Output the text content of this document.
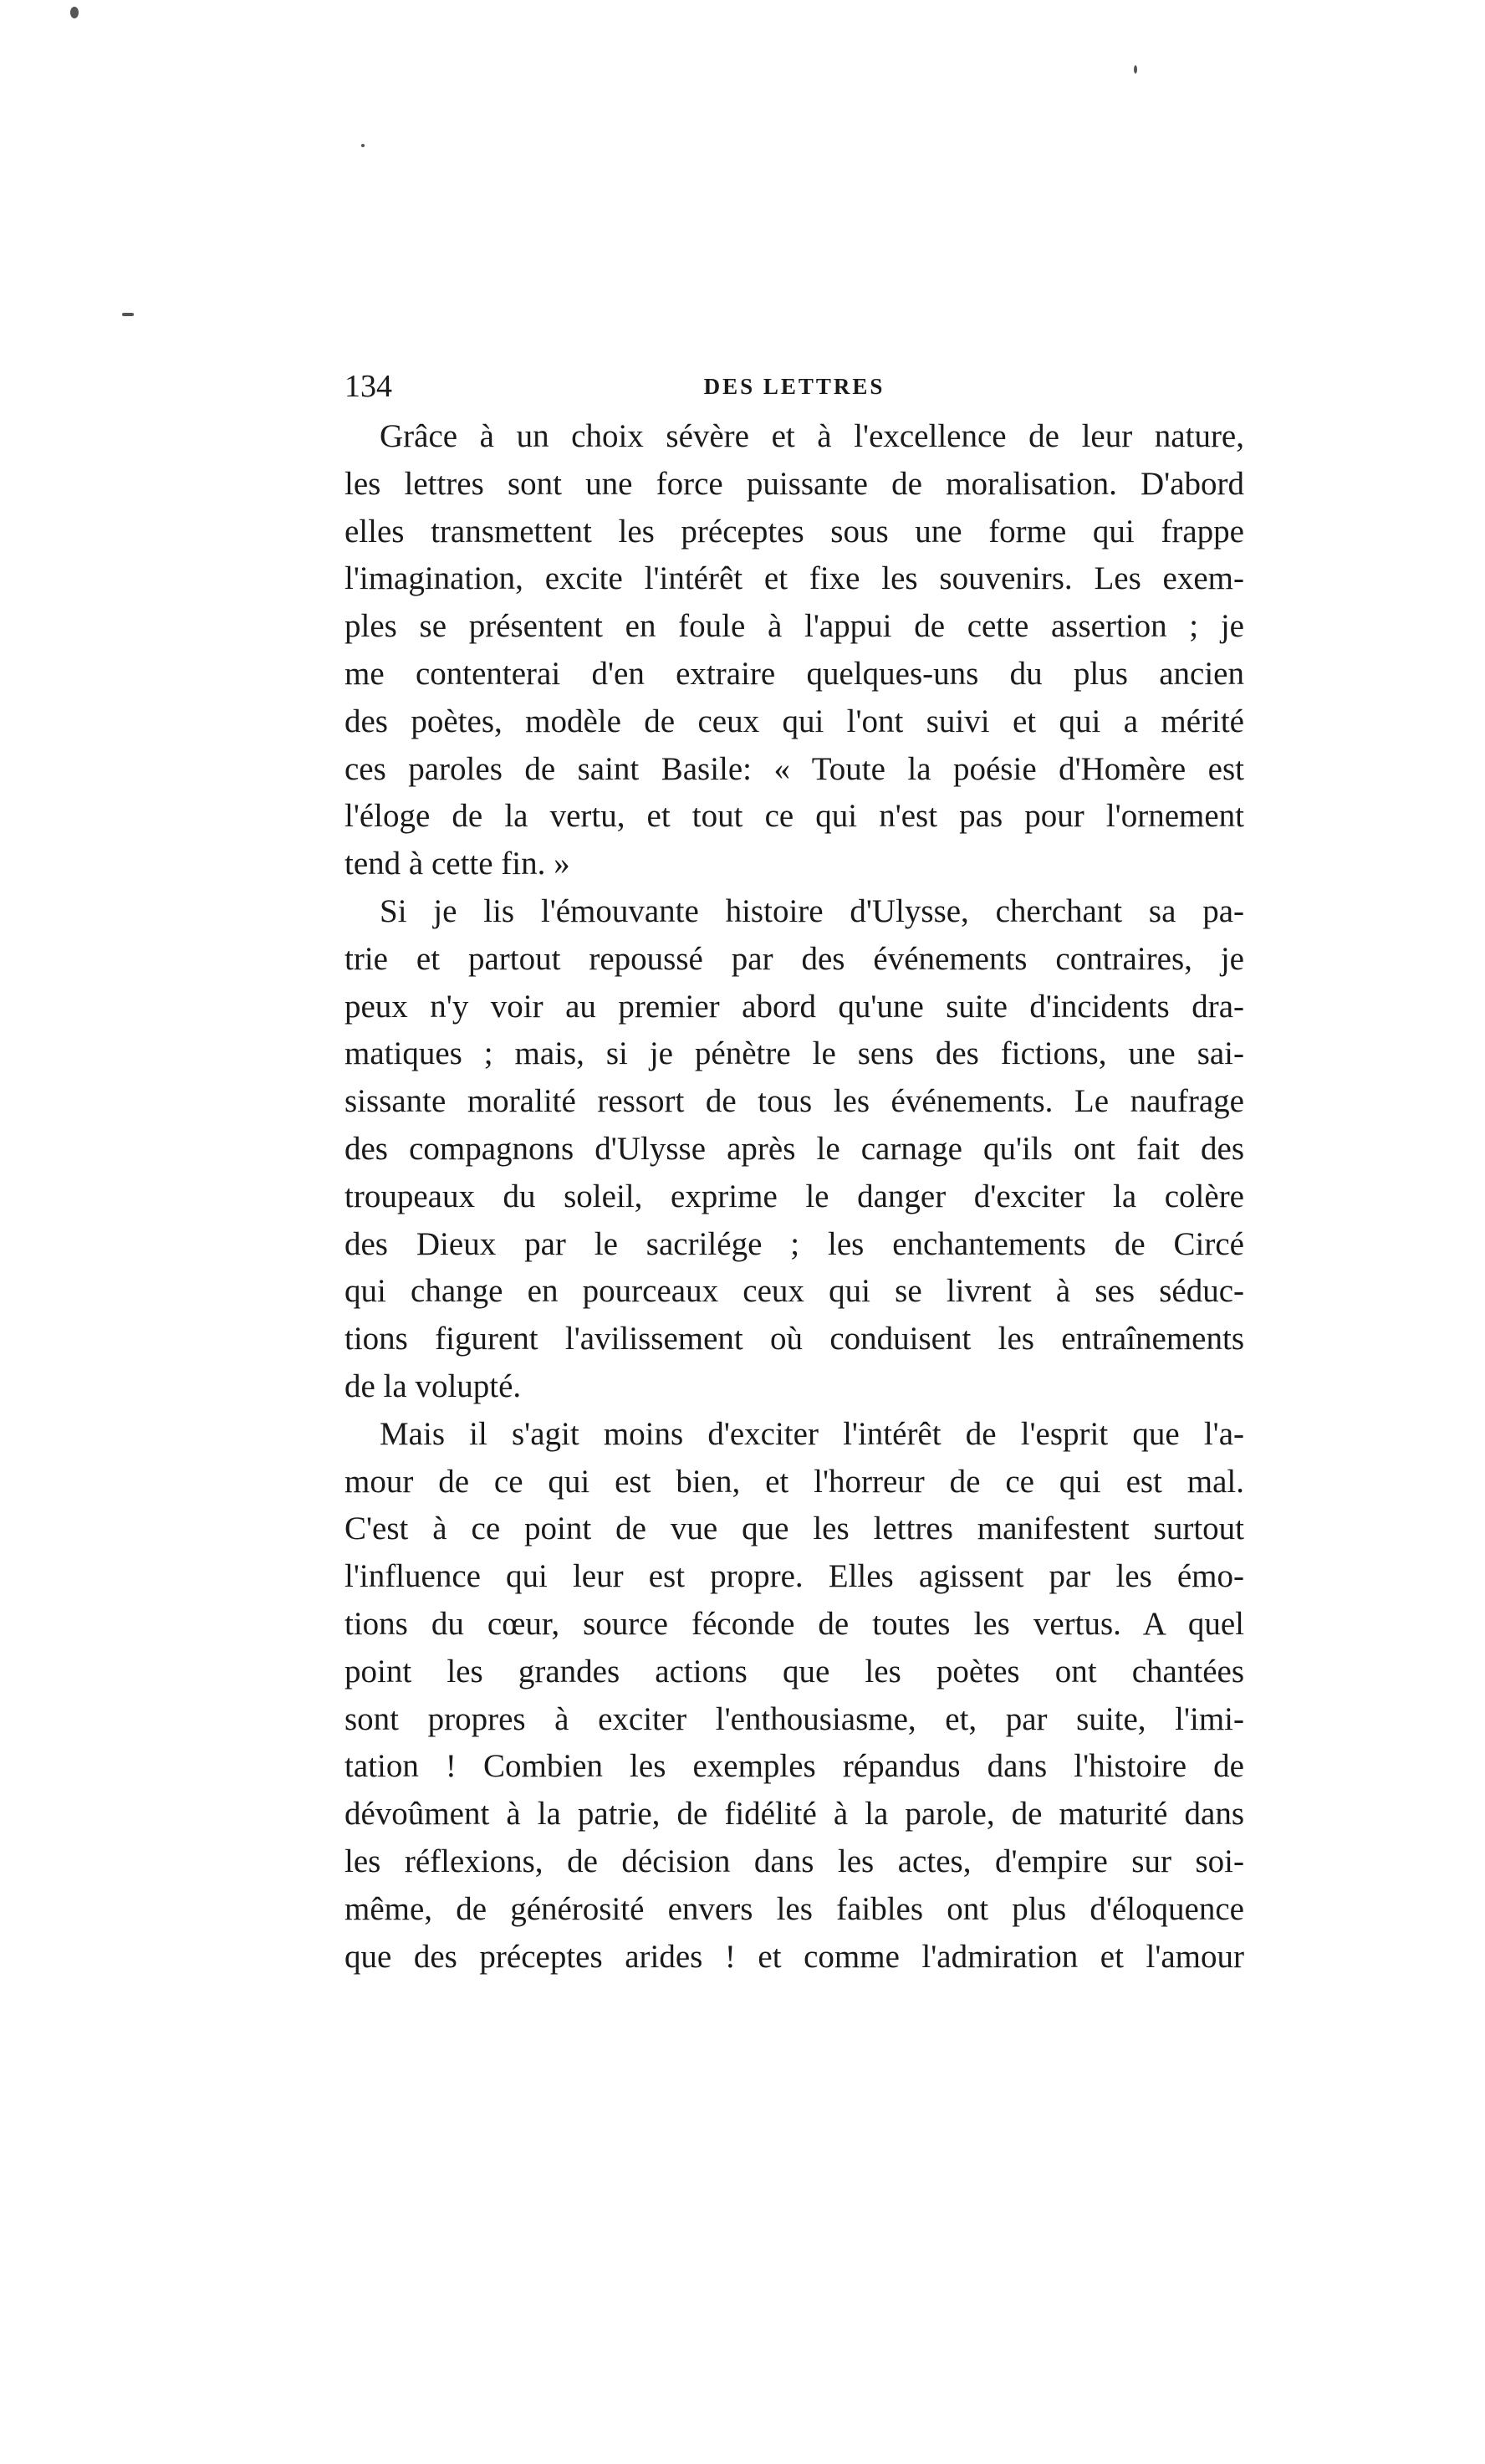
134	DES LETTRES
Grâce à un choix sévère et à l'excellence de leur nature,
les lettres sont une force puissante de moralisation. D'abord
elles transmettent les préceptes sous une forme qui frappe
l'imagination, excite l'intérêt et fixe les souvenirs. Les exem-
ples se présentent en foule à l'appui de cette assertion ; je
me contenterai d'en extraire quelques-uns du plus ancien
des poètes, modèle de ceux qui l'ont suivi et qui a mérité
ces paroles de saint Basile: « Toute la poésie d'Homère est
l'éloge de la vertu, et tout ce qui n'est pas pour l'ornement
tend à cette fin. »
Si je lis l'émouvante histoire d'Ulysse, cherchant sa pa-
trie et partout repoussé par des événements contraires, je
peux n'y voir au premier abord qu'une suite d'incidents dra-
matiques ; mais, si je pénètre le sens des fictions, une sai-
sissante moralité ressort de tous les événements. Le naufrage
des compagnons d'Ulysse après le carnage qu'ils ont fait des
troupeaux du soleil, exprime le danger d'exciter la colère
des Dieux par le sacrilége ; les enchantements de Circé
qui change en pourceaux ceux qui se livrent à ses séduc-
tions figurent l'avilissement où conduisent les entraînements
de la volupté.
Mais il s'agit moins d'exciter l'intérêt de l'esprit que l'a-
mour de ce qui est bien, et l'horreur de ce qui est mal.
C'est à ce point de vue que les lettres manifestent surtout
l'influence qui leur est propre. Elles agissent par les émo-
tions du cœur, source féconde de toutes les vertus. A quel
point les grandes actions que les poètes ont chantées
sont propres à exciter l'enthousiasme, et, par suite, l'imi-
tation ! Combien les exemples répandus dans l'histoire de
dévoûment à la patrie, de fidélité à la parole, de maturité dans
les réflexions, de décision dans les actes, d'empire sur soi-
même, de générosité envers les faibles ont plus d'éloquence
que des préceptes arides ! et comme l'admiration et l'amour
